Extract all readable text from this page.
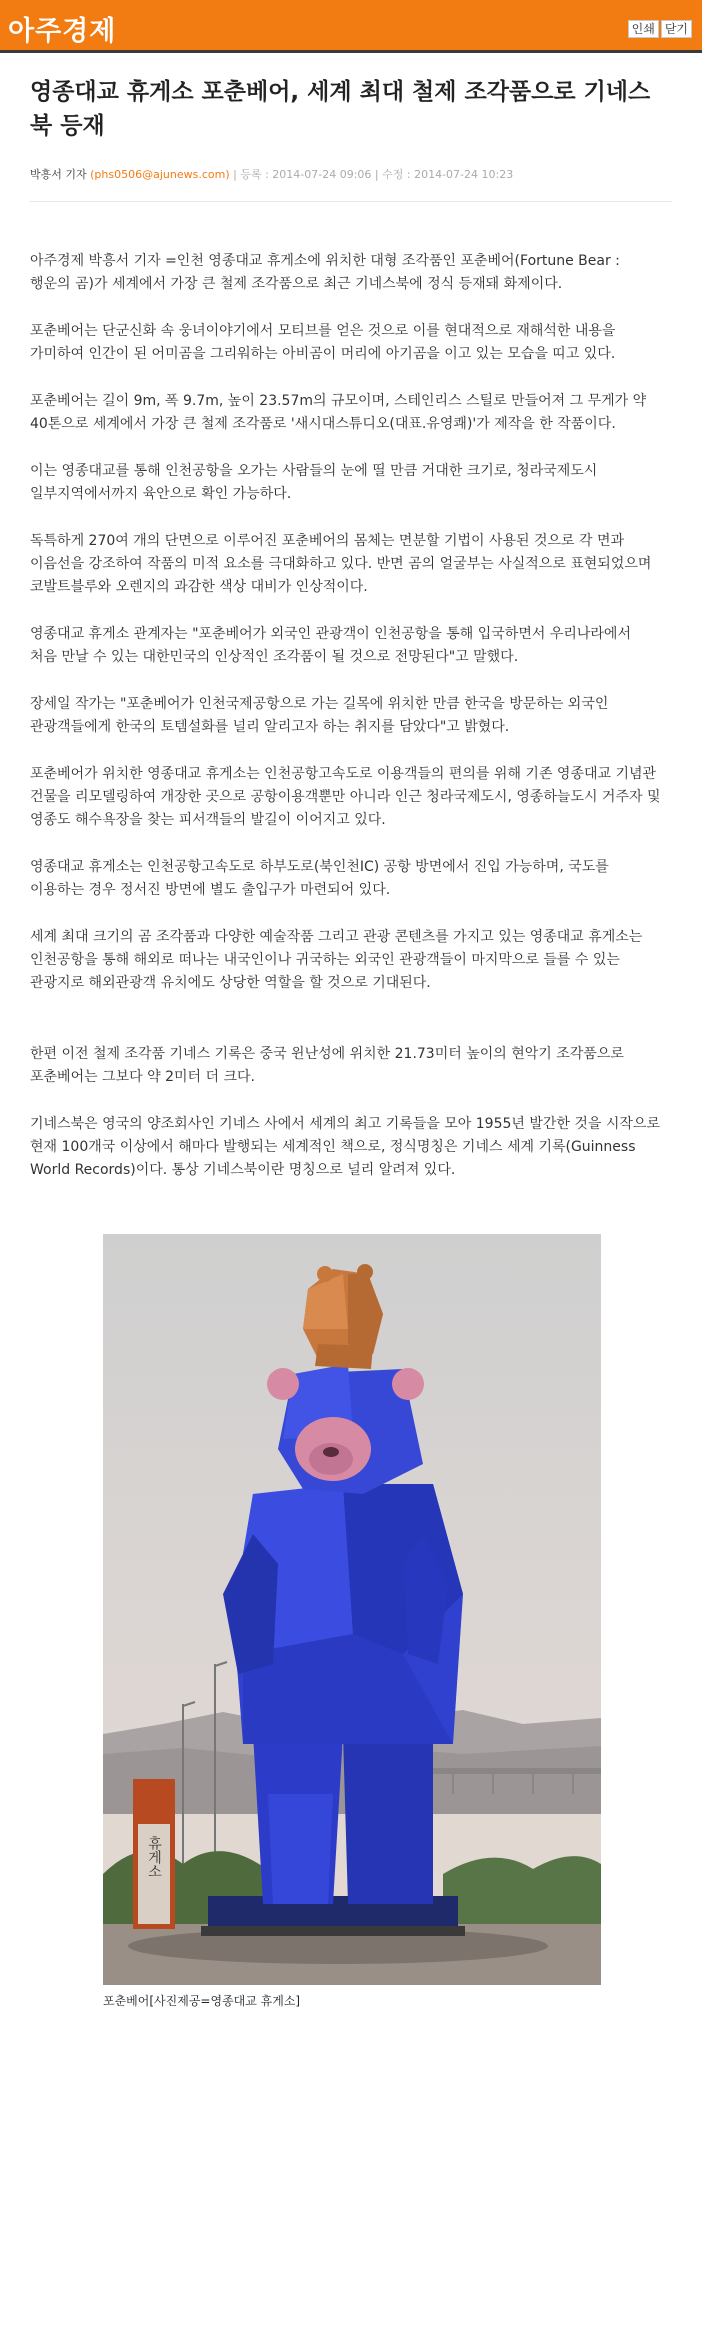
아주경제	인쇄 닫기
영종대교 휴게소 포춘베어, 세계 최대 철제 조각품으로 기네스북 등재
박흥서 기자 (phs0506@ajunews.com) | 등록 : 2014-07-24 09:06 | 수정 : 2014-07-24 10:23

아주경제 박흥서 기자 =인천 영종대교 휴게소에 위치한 대형 조각품인 포춘베어(Fortune Bear : 행운의 곰)가 세계에서 가장 큰 철제 조각품으로 최근 기네스북에 정식 등재돼 화제이다.

포춘베어는 단군신화 속 웅녀이야기에서 모티브를 얻은 것으로 이를 현대적으로 재해석한 내용을 가미하여 인간이 된 어미곰을 그리워하는 아비곰이 머리에 아기곰을 이고 있는 모습을 띠고 있다.

포춘베어는 길이 9m, 폭 9.7m, 높이 23.57m의 규모이며, 스테인리스 스틸로 만들어져 그 무게가 약 40톤으로 세계에서 가장 큰 철제 조각품로 '새시대스튜디오(대표.유영쾌)'가 제작을 한 작품이다.

이는 영종대교를 통해 인천공항을 오가는 사람들의 눈에 띨 만큼 거대한 크기로, 청라국제도시 일부지역에서까지 육안으로 확인 가능하다.

독특하게 270여 개의 단면으로 이루어진 포춘베어의 몸체는 면분할 기법이 사용된 것으로 각 면과 이음선을 강조하여 작품의 미적 요소를 극대화하고 있다. 반면 곰의 얼굴부는 사실적으로 표현되었으며 코발트블루와 오렌지의 과감한 색상 대비가 인상적이다.

영종대교 휴게소 관계자는 "포춘베어가 외국인 관광객이 인천공항을 통해 입국하면서 우리나라에서 처음 만날 수 있는 대한민국의 인상적인 조각품이 될 것으로 전망된다"고 말했다.

장세일 작가는 "포춘베어가 인천국제공항으로 가는 길목에 위치한 만큼 한국을 방문하는 외국인 관광객들에게 한국의 토템설화를 널리 알리고자 하는 취지를 담았다"고 밝혔다.

포춘베어가 위치한 영종대교 휴게소는 인천공항고속도로 이용객들의 편의를 위해 기존 영종대교 기념관 건물을 리모델링하여 개장한 곳으로 공항이용객뿐만 아니라 인근 청라국제도시, 영종하늘도시 거주자 및 영종도 해수욕장을 찾는 피서객들의 발길이 이어지고 있다.

영종대교 휴게소는 인천공항고속도로 하부도로(북인천IC) 공항 방면에서 진입 가능하며, 국도를 이용하는 경우 정서진 방면에 별도 출입구가 마련되어 있다.

세계 최대 크기의 곰 조각품과 다양한 예술작품 그리고 관광 콘텐츠를 가지고 있는 영종대교 휴게소는 인천공항을 통해 해외로 떠나는 내국인이나 귀국하는 외국인 관광객들이 마지막으로 들를 수 있는 관광지로 해외관광객 유치에도 상당한 역할을 할 것으로 기대된다.

한편 이전 철제 조각품 기네스 기록은 중국 윈난성에 위치한 21.73미터 높이의 현악기 조각품으로 포춘베어는 그보다 약 2미터 더 크다.

기네스북은 영국의 양조회사인 기네스 사에서 세계의 최고 기록들을 모아 1955년 발간한 것을 시작으로 현재 100개국 이상에서 해마다 발행되는 세계적인 책으로, 정식명칭은 기네스 세계 기록(Guinness World Records)이다. 통상 기네스북이란 명칭으로 널리 알려져 있다.

휴게소
포춘베어[사진제공=영종대교 휴게소]
